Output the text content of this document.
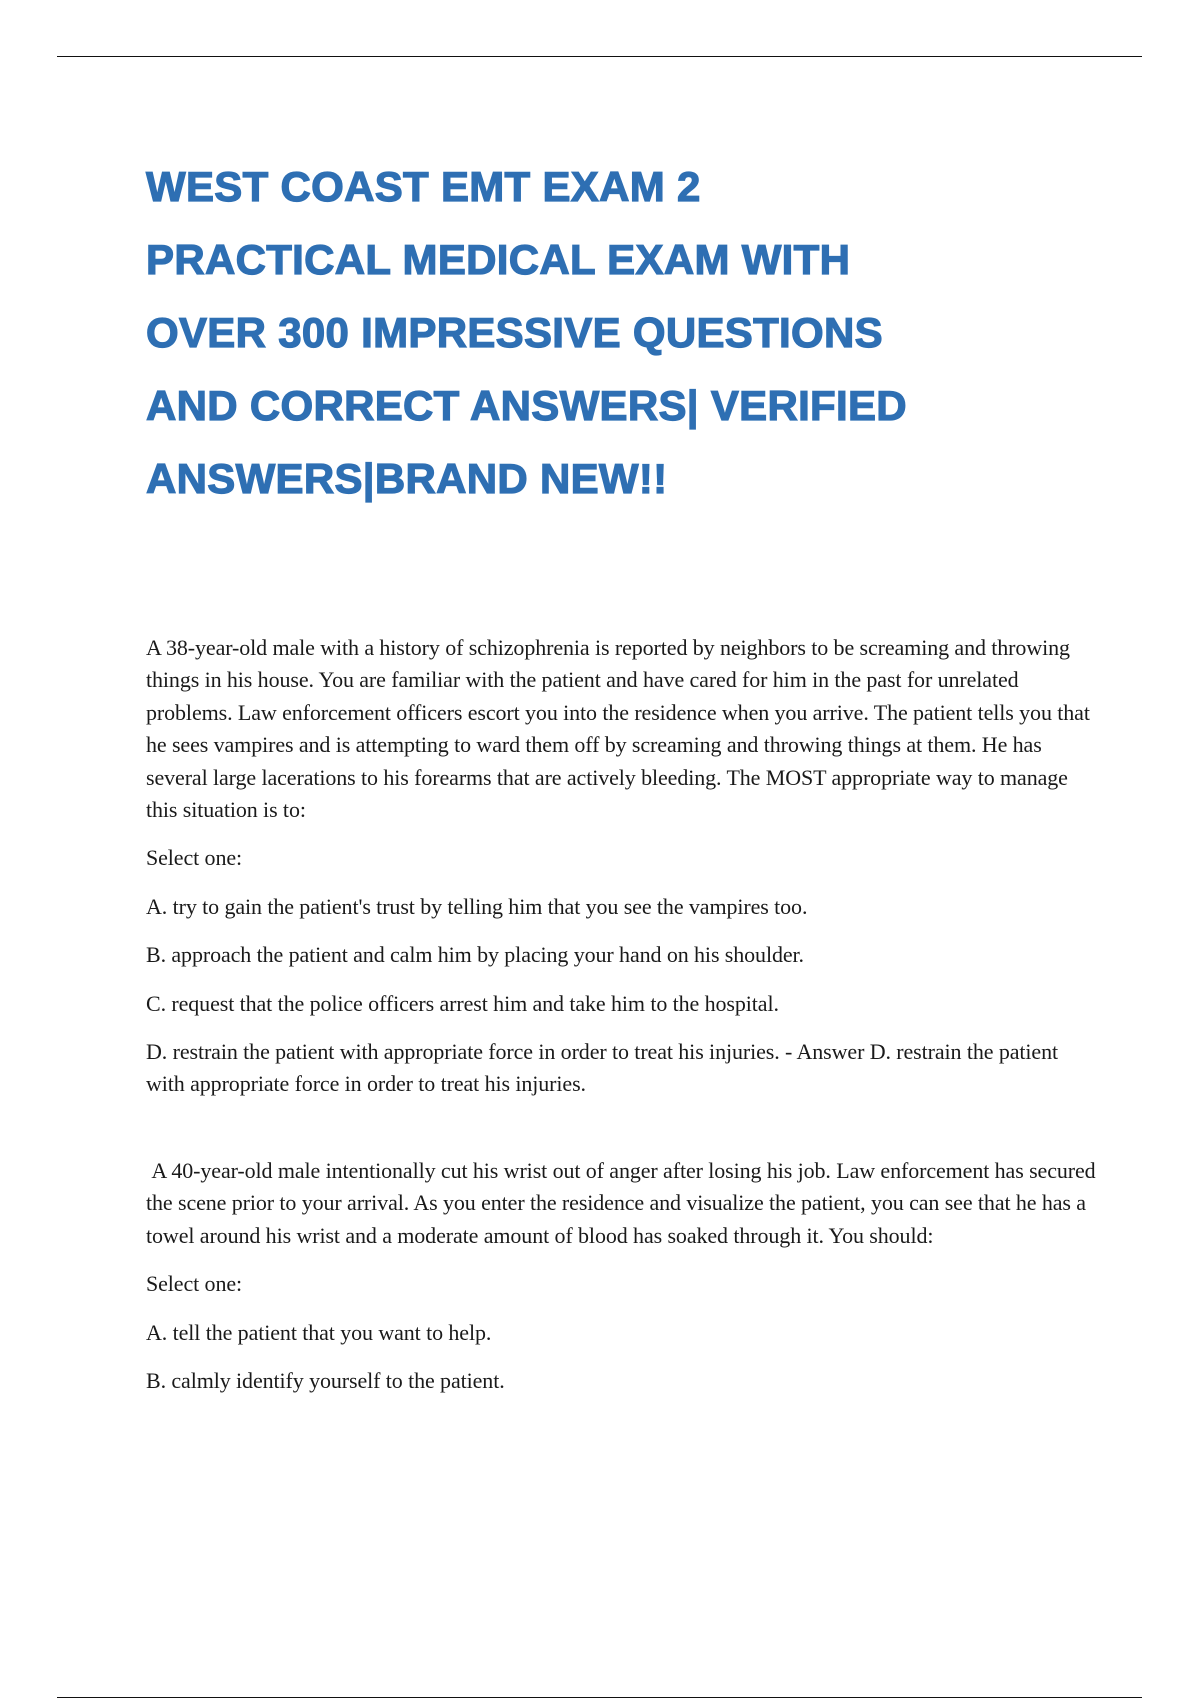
WEST COAST EMT EXAM 2
PRACTICAL MEDICAL EXAM WITH
OVER 300 IMPRESSIVE QUESTIONS
AND CORRECT ANSWERS| VERIFIED
ANSWERS|BRAND NEW!!

A 38-year-old male with a history of schizophrenia is reported by neighbors to be screaming and throwing things in his house. You are familiar with the patient and have cared for him in the past for unrelated problems. Law enforcement officers escort you into the residence when you arrive. The patient tells you that he sees vampires and is attempting to ward them off by screaming and throwing things at them. He has several large lacerations to his forearms that are actively bleeding. The MOST appropriate way to manage this situation is to:

Select one:

A. try to gain the patient's trust by telling him that you see the vampires too.

B. approach the patient and calm him by placing your hand on his shoulder.

C. request that the police officers arrest him and take him to the hospital.

D. restrain the patient with appropriate force in order to treat his injuries. - Answer D. restrain the patient with appropriate force in order to treat his injuries.

A 40-year-old male intentionally cut his wrist out of anger after losing his job. Law enforcement has secured the scene prior to your arrival. As you enter the residence and visualize the patient, you can see that he has a towel around his wrist and a moderate amount of blood has soaked through it. You should:

Select one:

A. tell the patient that you want to help.

B. calmly identify yourself to the patient.
